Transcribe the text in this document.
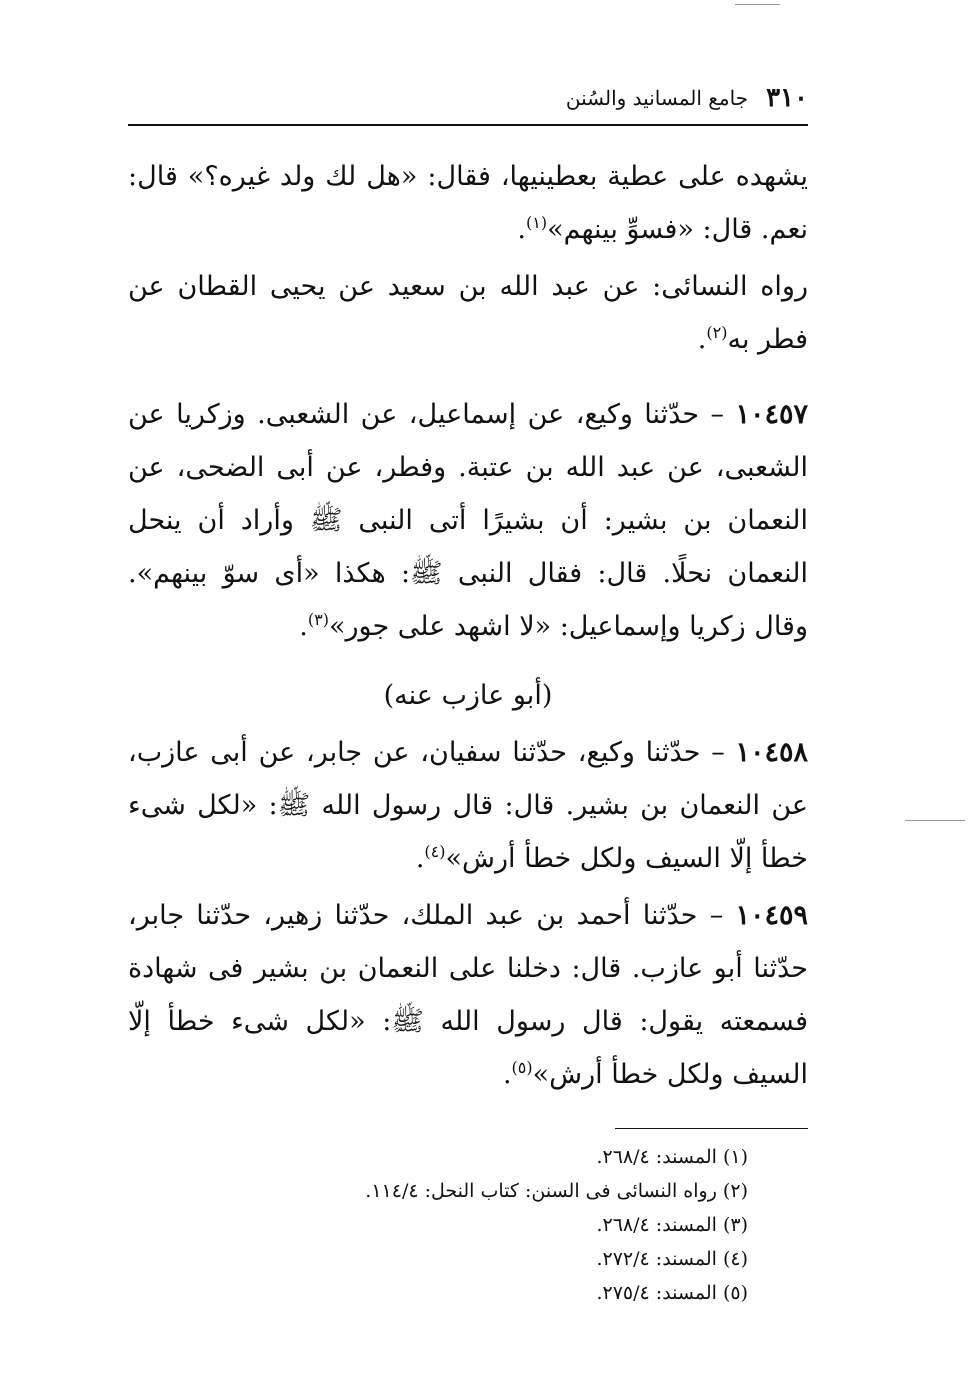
٣١٠
جامع المسانيد والسُنن

يشهده على عطية بعطينيها، فقال: «هل لك ولد غيره؟» قال: نعم. قال: «فسوِّ بينهم»$^{(١)}$.

رواه النسائى: عن عبد الله بن سعيد عن يحيى القطان عن فطر به$^{(٢)}$.

١٠٤٥٧ – حدّثنا وكيع، عن إسماعيل، عن الشعبى. وزكريا عن الشعبى، عن عبد الله بن عتبة. وفطر، عن أبى الضحى، عن النعمان بن بشير: أن بشيرًا أتى النبى ﷺ وأراد أن ينحل النعمان نحلًا. قال: فقال النبى ﷺ: هكذا «أى سوّ بينهم». وقال زكريا وإسماعيل: «لا اشهد على جور»$^{(٣)}$.

(أبو عازب عنه)

١٠٤٥٨ – حدّثنا وكيع، حدّثنا سفيان، عن جابر، عن أبى عازب، عن النعمان بن بشير. قال: قال رسول الله ﷺ: «لكل شىء خطأ إلّا السيف ولكل خطأ أرش»$^{(٤)}$.

١٠٤٥٩ – حدّثنا أحمد بن عبد الملك، حدّثنا زهير، حدّثنا جابر، حدّثنا أبو عازب. قال: دخلنا على النعمان بن بشير فى شهادة فسمعته يقول: قال رسول الله ﷺ: «لكل شىء خطأ إلّا السيف ولكل خطأ أرش»$^{(٥)}$.

(١) المسند: ٢٦٨/٤.
(٢) رواه النسائى فى السنن: كتاب النحل: ١١٤/٤.
(٣) المسند: ٢٦٨/٤.
(٤) المسند: ٢٧٢/٤.
(٥) المسند: ٢٧٥/٤.
